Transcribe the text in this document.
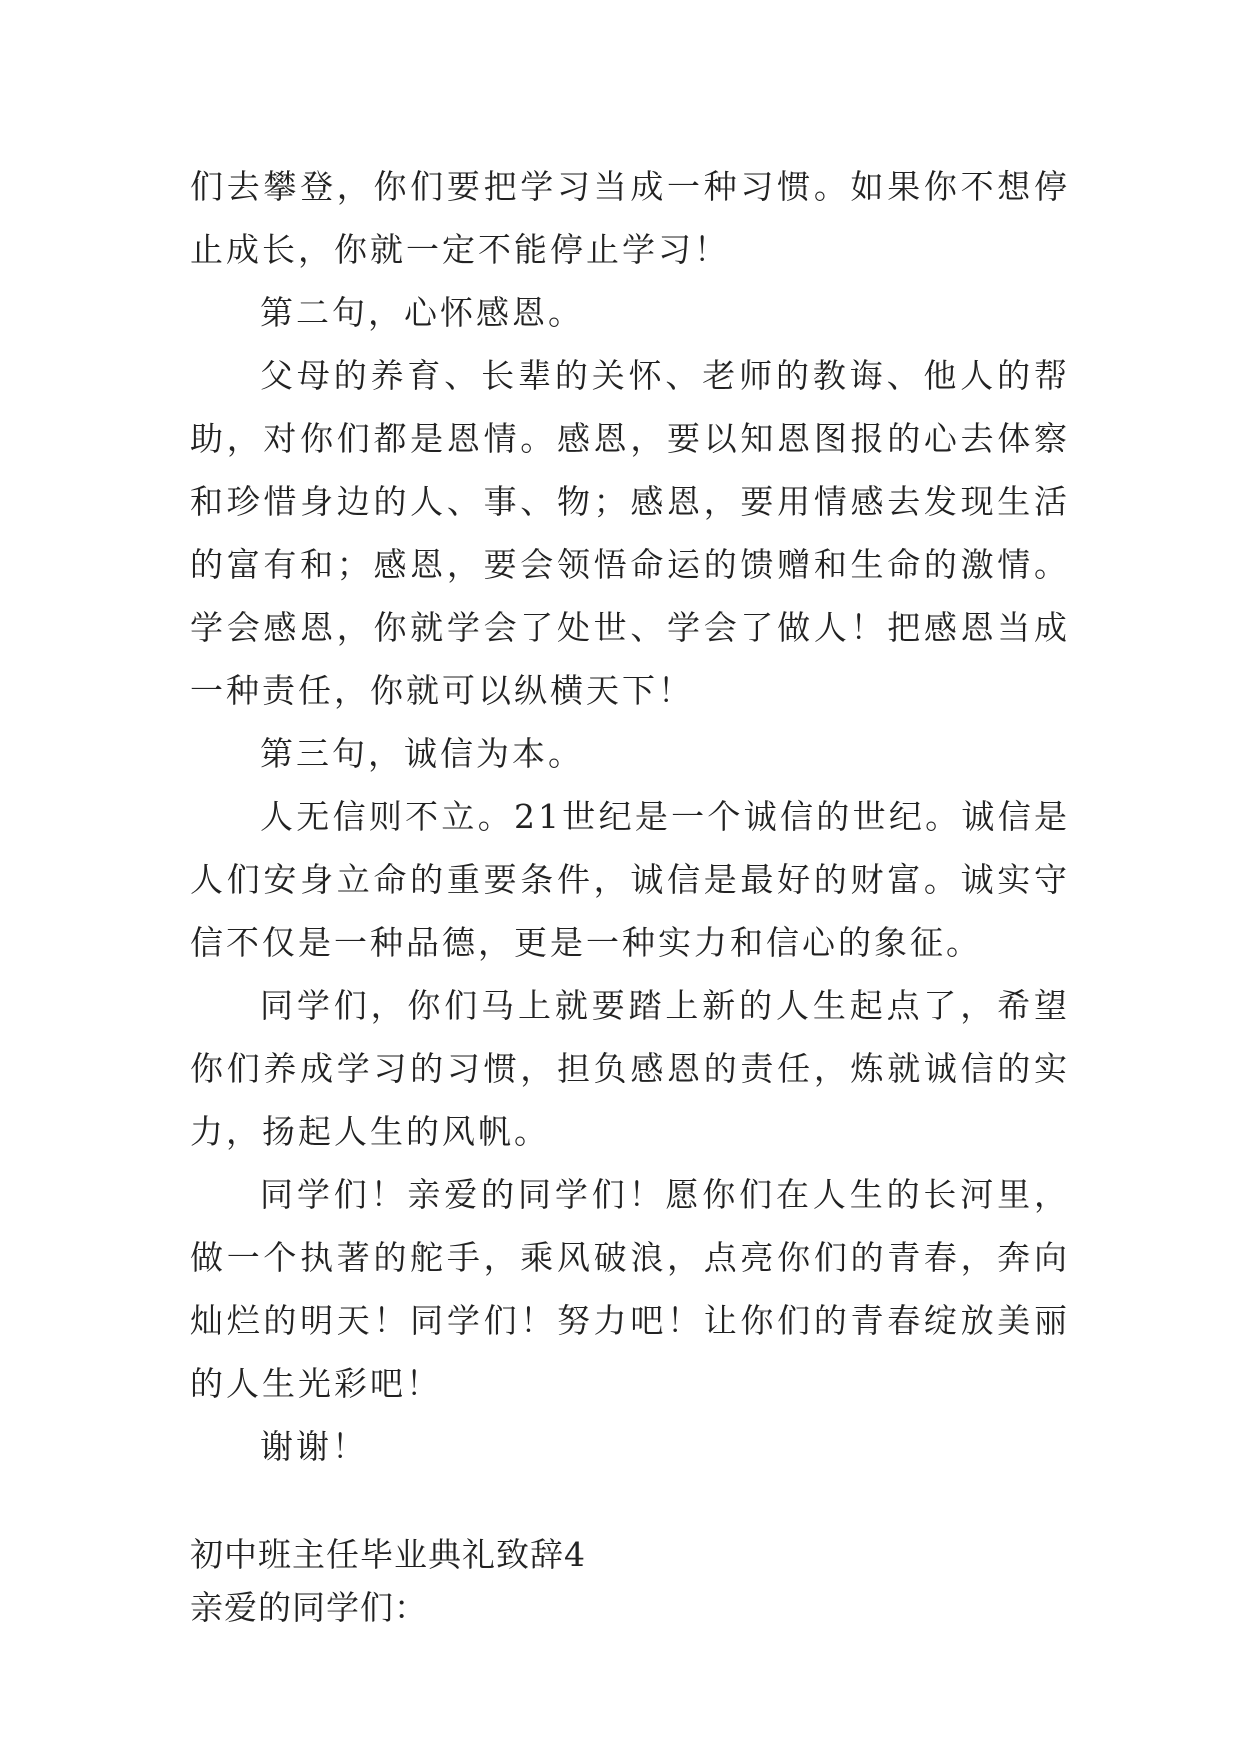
们去攀登，你们要把学习当成一种习惯。如果你不想停止成长，你就一定不能停止学习！

第二句，心怀感恩。

父母的养育、长辈的关怀、老师的教诲、他人的帮助，对你们都是恩情。感恩，要以知恩图报的心去体察和珍惜身边的人、事、物；感恩，要用情感去发现生活的富有和；感恩，要会领悟命运的馈赠和生命的激情。学会感恩，你就学会了处世、学会了做人！把感恩当成一种责任，你就可以纵横天下！

第三句，诚信为本。

人无信则不立。21世纪是一个诚信的世纪。诚信是人们安身立命的重要条件，诚信是最好的财富。诚实守信不仅是一种品德，更是一种实力和信心的象征。

同学们，你们马上就要踏上新的人生起点了，希望你们养成学习的习惯，担负感恩的责任，炼就诚信的实力，扬起人生的风帆。

同学们！亲爱的同学们！愿你们在人生的长河里，做一个执著的舵手，乘风破浪，点亮你们的青春，奔向灿烂的明天！同学们！努力吧！让你们的青春绽放美丽的人生光彩吧！

谢谢！

初中班主任毕业典礼致辞4

亲爱的同学们：
